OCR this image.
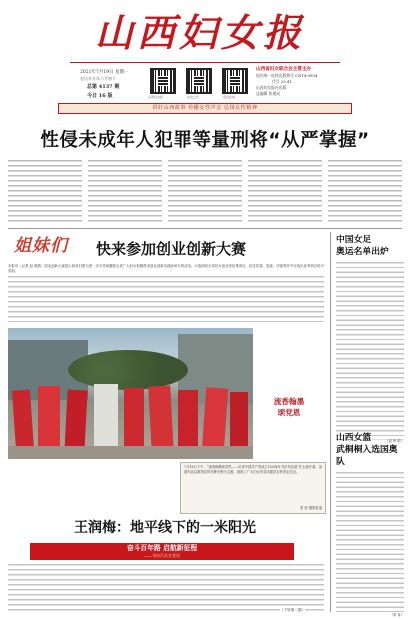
山西妇女报
2021年7月19日 星期一
农历辛丑年六月初十
总第 4137 期
今日 16 版	山西妇女报	妇女之声	晋妇在线
山西省妇女联合会主管主办
国内统一连续出版物号 CN14-0004
代号 25-41
山西妇女报社出版
总编辑 张建成
讲好山西故事 传播女性声音 弘扬女性精神
性侵未成年人犯罪等量刑将“从严掌握”
姐妹们 快来参加创业创新大赛
本报讯（记者 赵 晓燕）创业创新大赛是山西省妇联为进一步引导和激励全省广大妇女积极投身创业创新实践而举办的活动，大赛面向全省妇女创业者征集项目，经过初赛、复赛、决赛等环节评选出优秀项目给予奖励。
流香翰墨
颂党恩
7月16日下午，“流香翰墨颂党恩——庆祝中国共产党成立100周年书法作品展”在太原开幕，参展作品以歌颂党的光辉历程为主题，展现了广大妇女听党话跟党走的坚定信念。
张 欣 摄影报道
王润梅：地平线下的一米阳光
奋斗百年路 启航新征程
——寻访百名女党员
（下转第二版）
中国女足
奥运名单出炉
（赵 杨 彬）
山西女篮
武桐桐入选国奥队
（李 奇）
